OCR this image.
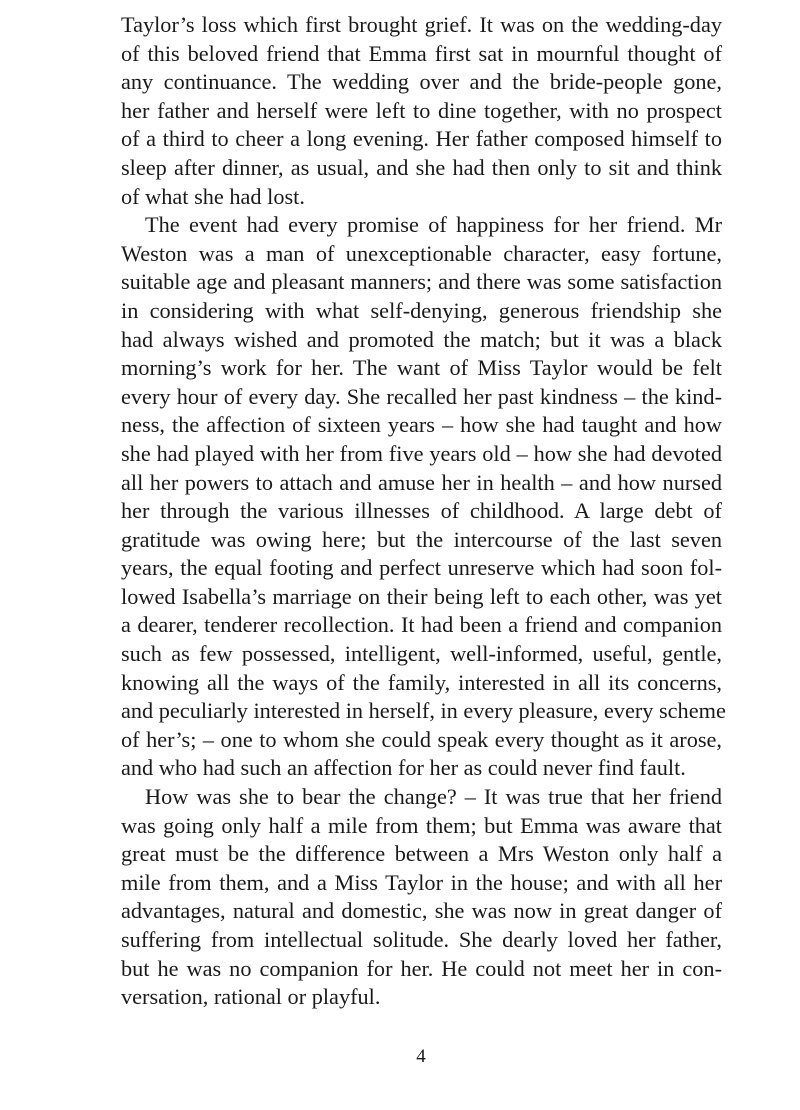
Taylor’s loss which first brought grief. It was on the wedding-day
of this beloved friend that Emma first sat in mournful thought of
any continuance. The wedding over and the bride-people gone,
her father and herself were left to dine together, with no prospect
of a third to cheer a long evening. Her father composed himself to
sleep after dinner, as usual, and she had then only to sit and think
of what she had lost.
The event had every promise of happiness for her friend. Mr
Weston was a man of unexceptionable character, easy fortune,
suitable age and pleasant manners; and there was some satisfaction
in considering with what self-denying, generous friendship she
had always wished and promoted the match; but it was a black
morning’s work for her. The want of Miss Taylor would be felt
every hour of every day. She recalled her past kindness – the kind-
ness, the affection of sixteen years – how she had taught and how
she had played with her from five years old – how she had devoted
all her powers to attach and amuse her in health – and how nursed
her through the various illnesses of childhood. A large debt of
gratitude was owing here; but the intercourse of the last seven
years, the equal footing and perfect unreserve which had soon fol-
lowed Isabella’s marriage on their being left to each other, was yet
a dearer, tenderer recollection. It had been a friend and companion
such as few possessed, intelligent, well-informed, useful, gentle,
knowing all the ways of the family, interested in all its concerns,
and peculiarly interested in herself, in every pleasure, every scheme
of her’s; – one to whom she could speak every thought as it arose,
and who had such an affection for her as could never find fault.
How was she to bear the change? – It was true that her friend
was going only half a mile from them; but Emma was aware that
great must be the difference between a Mrs Weston only half a
mile from them, and a Miss Taylor in the house; and with all her
advantages, natural and domestic, she was now in great danger of
suffering from intellectual solitude. She dearly loved her father,
but he was no companion for her. He could not meet her in con-
versation, rational or playful.
4
